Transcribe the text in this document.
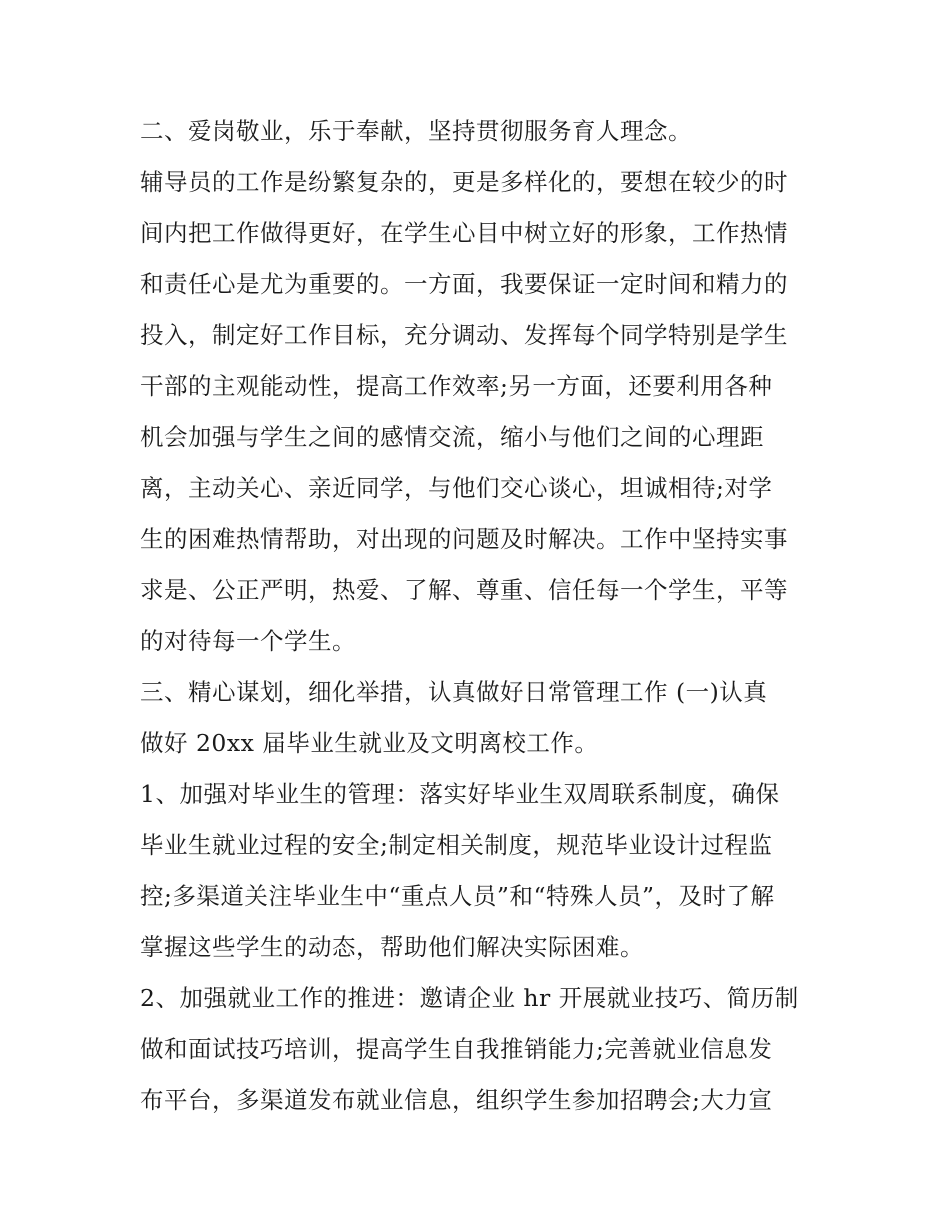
二、爱岗敬业，乐于奉献，坚持贯彻服务育人理念。
辅导员的工作是纷繁复杂的，更是多样化的，要想在较少的时
间内把工作做得更好，在学生心目中树立好的形象，工作热情
和责任心是尤为重要的。一方面，我要保证一定时间和精力的
投入，制定好工作目标，充分调动、发挥每个同学特别是学生
干部的主观能动性，提高工作效率;另一方面，还要利用各种
机会加强与学生之间的感情交流，缩小与他们之间的心理距
离，主动关心、亲近同学，与他们交心谈心，坦诚相待;对学
生的困难热情帮助，对出现的问题及时解决。工作中坚持实事
求是、公正严明，热爱、了解、尊重、信任每一个学生，平等
的对待每一个学生。
三、精心谋划，细化举措，认真做好日常管理工作 (一)认真
做好 20xx 届毕业生就业及文明离校工作。
1、加强对毕业生的管理：落实好毕业生双周联系制度，确保
毕业生就业过程的安全;制定相关制度，规范毕业设计过程监
控;多渠道关注毕业生中“重点人员”和“特殊人员”，及时了解
掌握这些学生的动态，帮助他们解决实际困难。
2、加强就业工作的推进：邀请企业 hr 开展就业技巧、简历制
做和面试技巧培训，提高学生自我推销能力;完善就业信息发
布平台，多渠道发布就业信息，组织学生参加招聘会;大力宣
